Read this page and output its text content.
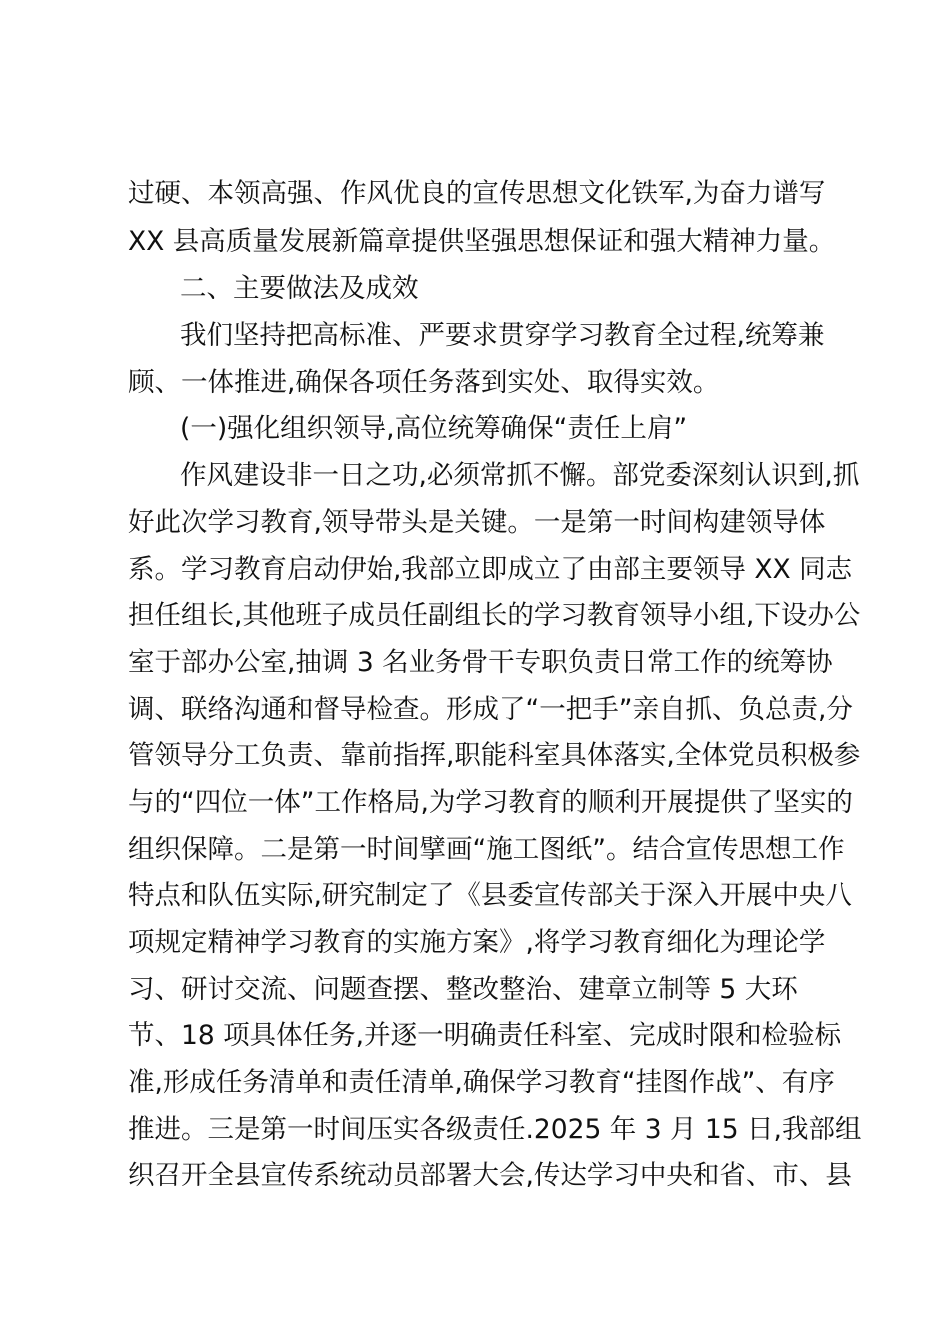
过硬、本领高强、作风优良的宣传思想文化铁军,为奋力谱写
XX 县高质量发展新篇章提供坚强思想保证和强大精神力量。
二、主要做法及成效
我们坚持把高标准、严要求贯穿学习教育全过程,统筹兼
顾、一体推进,确保各项任务落到实处、取得实效。
(一)强化组织领导,高位统筹确保“责任上肩”
作风建设非一日之功,必须常抓不懈。部党委深刻认识到,抓
好此次学习教育,领导带头是关键。一是第一时间构建领导体
系。学习教育启动伊始,我部立即成立了由部主要领导 XX 同志
担任组长,其他班子成员任副组长的学习教育领导小组,下设办公
室于部办公室,抽调 3 名业务骨干专职负责日常工作的统筹协
调、联络沟通和督导检查。形成了“一把手”亲自抓、负总责,分
管领导分工负责、靠前指挥,职能科室具体落实,全体党员积极参
与的“四位一体”工作格局,为学习教育的顺利开展提供了坚实的
组织保障。二是第一时间擘画“施工图纸”。结合宣传思想工作
特点和队伍实际,研究制定了《县委宣传部关于深入开展中央八
项规定精神学习教育的实施方案》,将学习教育细化为理论学
习、研讨交流、问题查摆、整改整治、建章立制等 5 大环
节、18 项具体任务,并逐一明确责任科室、完成时限和检验标
准,形成任务清单和责任清单,确保学习教育“挂图作战”、有序
推进。三是第一时间压实各级责任.2025 年 3 月 15 日,我部组
织召开全县宣传系统动员部署大会,传达学习中央和省、市、县
